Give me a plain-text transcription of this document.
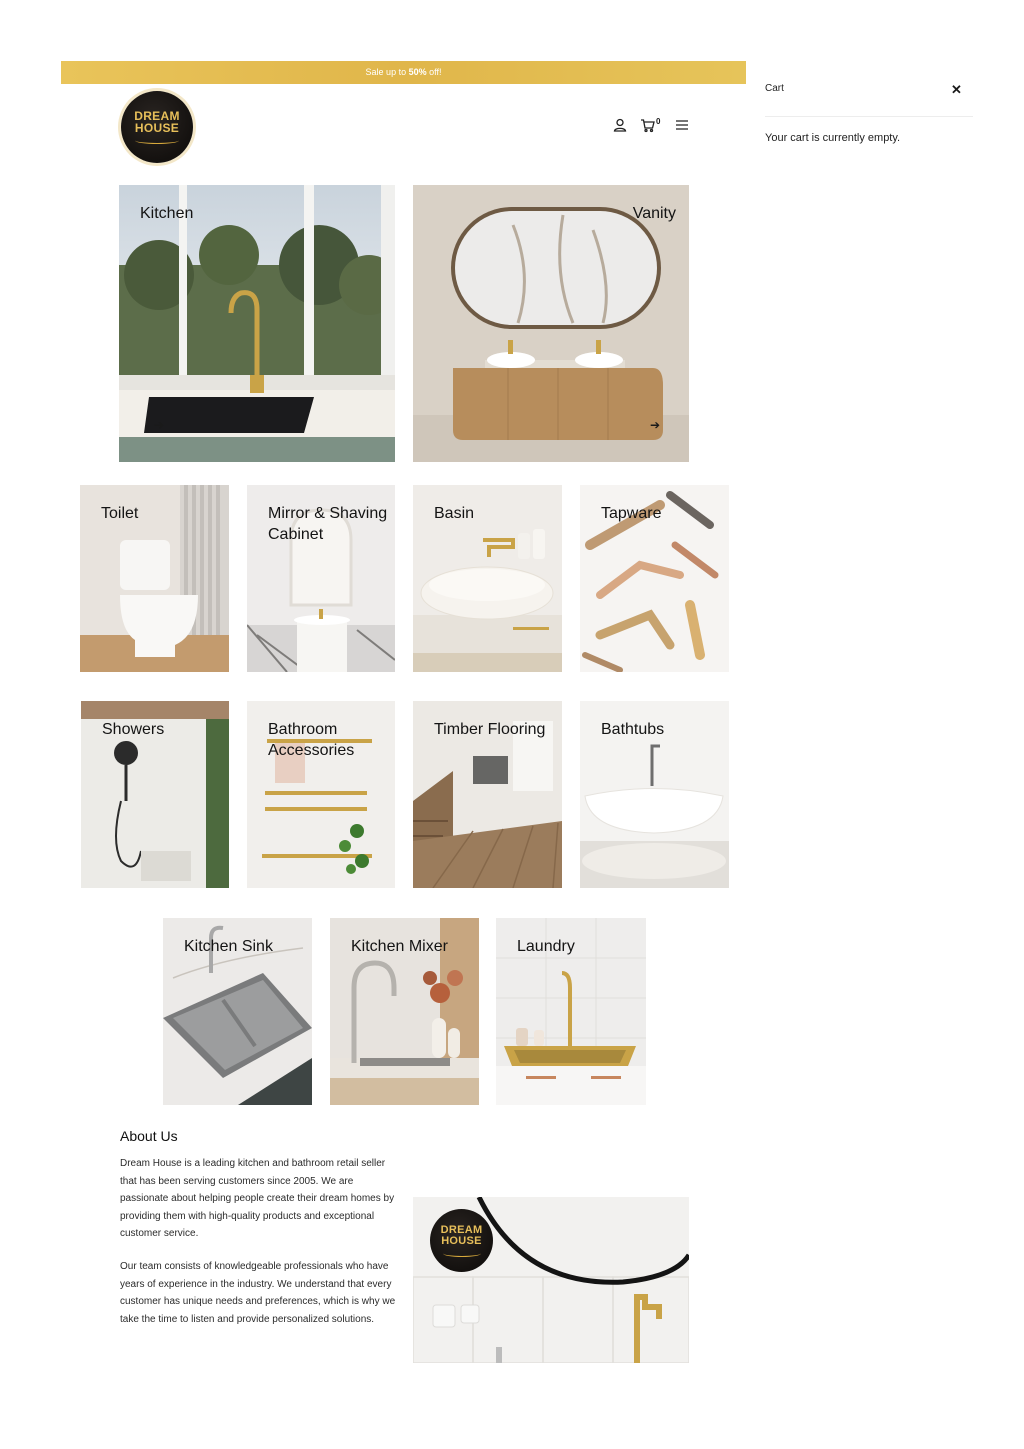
Sale up to 50% off!
DREAM
HOUSE	0
Kitchen
➔
Vanity
➔
Toilet	Mirror & Shaving Cabinet
Basin	Tapware
Showers	Bathroom Accessories
Timber Flooring	Bathtubs
Kitchen Sink	Kitchen Mixer	Laundry
About Us
Dream House is a leading kitchen and bathroom retail seller that has been serving customers since 2005. We are passionate about helping people create their dream homes by providing them with high-quality products and exceptional customer service.
Our team consists of knowledgeable professionals who have years of experience in the industry. We understand that every customer has unique needs and preferences, which is why we take the time to listen and provide personalized solutions.
DREAM
HOUSE
Cart	✕
Your cart is currently empty.
